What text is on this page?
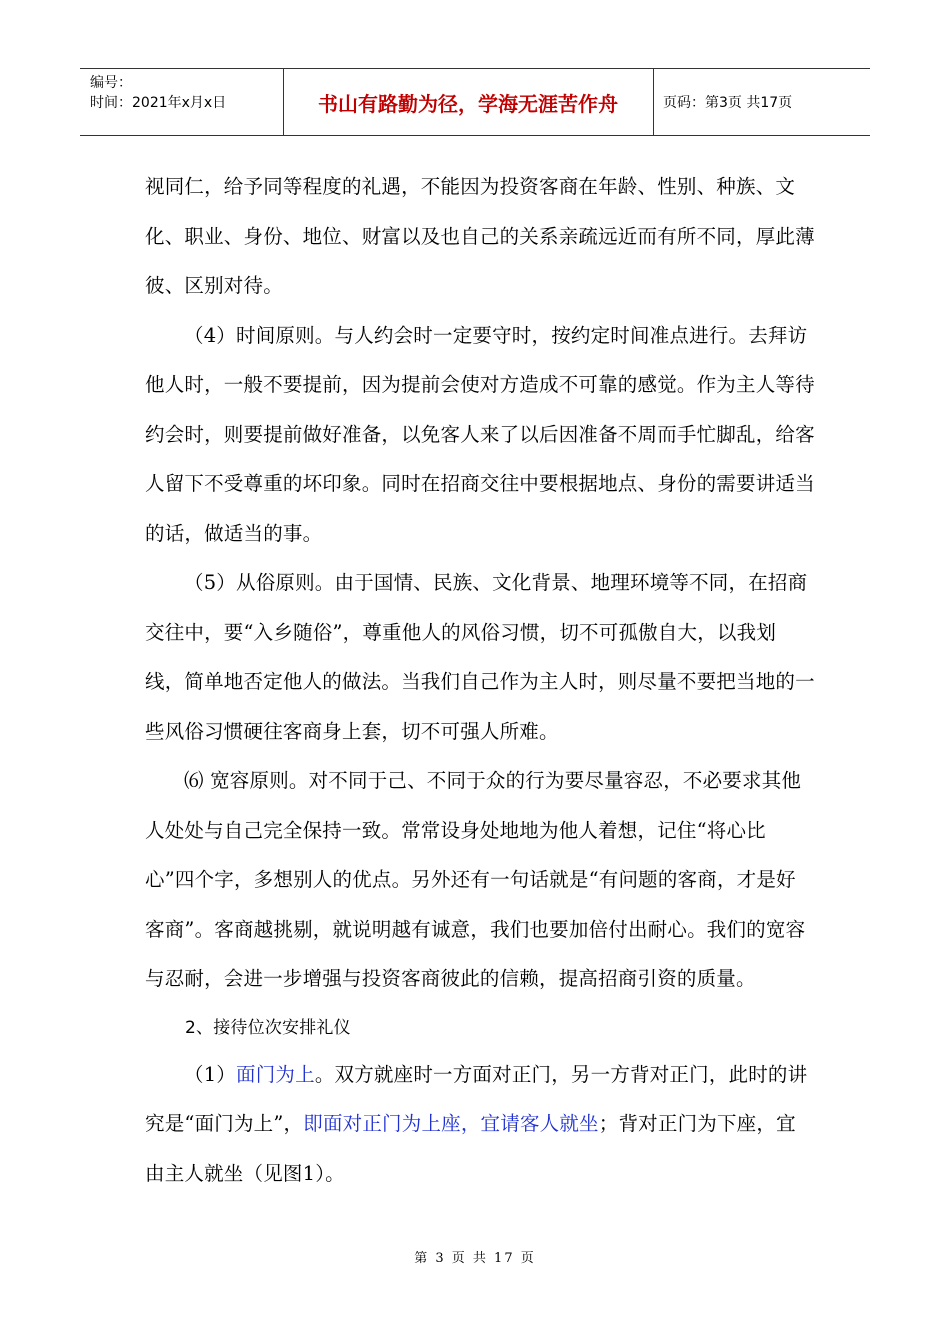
编号：
时间：2021年x月x日	书山有路勤为径，学海无涯苦作舟	页码：第3页 共17页

视同仁，给予同等程度的礼遇，不能因为投资客商在年龄、性别、种族、文化、职业、身份、地位、财富以及也自己的关系亲疏远近而有所不同，厚此薄彼、区别对待。

（4）时间原则。与人约会时一定要守时，按约定时间准点进行。去拜访他人时，一般不要提前，因为提前会使对方造成不可靠的感觉。作为主人等待约会时，则要提前做好准备，以免客人来了以后因准备不周而手忙脚乱，给客人留下不受尊重的坏印象。同时在招商交往中要根据地点、身份的需要讲适当的话，做适当的事。

（5）从俗原则。由于国情、民族、文化背景、地理环境等不同，在招商交往中，要“入乡随俗”，尊重他人的风俗习惯，切不可孤傲自大，以我划线，简单地否定他人的做法。当我们自己作为主人时，则尽量不要把当地的一些风俗习惯硬往客商身上套，切不可强人所难。

⑹ 宽容原则。对不同于己、不同于众的行为要尽量容忍，不必要求其他人处处与自己完全保持一致。常常设身处地地为他人着想，记住“将心比心”四个字，多想别人的优点。另外还有一句话就是“有问题的客商，才是好客商”。客商越挑剔，就说明越有诚意，我们也要加倍付出耐心。我们的宽容与忍耐，会进一步增强与投资客商彼此的信赖，提高招商引资的质量。

2、接待位次安排礼仪

（1）面门为上。双方就座时一方面对正门，另一方背对正门，此时的讲究是“面门为上”，即面对正门为上座，宜请客人就坐；背对正门为下座，宜由主人就坐（见图1）。

第 3 页 共 17 页
